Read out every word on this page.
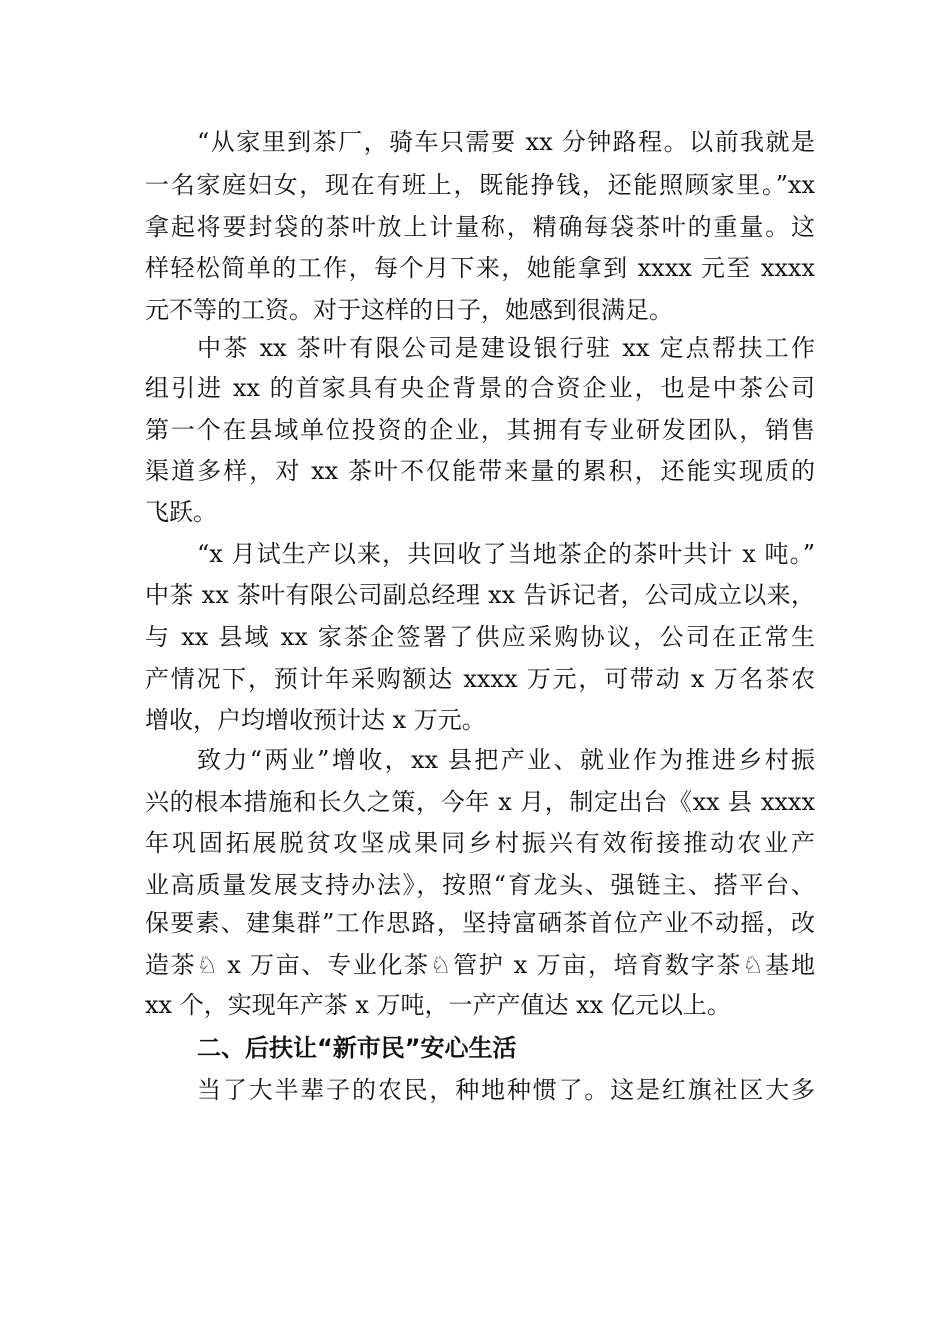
“从家里到茶厂，骑车只需要 xx 分钟路程。以前我就是
一名家庭妇女，现在有班上，既能挣钱，还能照顾家里。”xx
拿起将要封袋的茶叶放上计量称，精确每袋茶叶的重量。这
样轻松简单的工作，每个月下来，她能拿到 xxxx 元至 xxxx
元不等的工资。对于这样的日子，她感到很满足。
中茶 xx 茶叶有限公司是建设银行驻 xx 定点帮扶工作
组引进 xx 的首家具有央企背景的合资企业，也是中茶公司
第一个在县域单位投资的企业，其拥有专业研发团队，销售
渠道多样，对 xx 茶叶不仅能带来量的累积，还能实现质的
飞跃。
“x 月试生产以来，共回收了当地茶企的茶叶共计 x 吨。”
中茶 xx 茶叶有限公司副总经理 xx 告诉记者，公司成立以来，
与 xx 县域 xx 家茶企签署了供应采购协议，公司在正常生
产情况下，预计年采购额达 xxxx 万元，可带动 x 万名茶农
增收，户均增收预计达 x 万元。
致力“两业”增收，xx 县把产业、就业作为推进乡村振
兴的根本措施和长久之策，今年 x 月，制定出台《xx 县 xxxx
年巩固拓展脱贫攻坚成果同乡村振兴有效衔接推动农业产
业高质量发展支持办法》，按照“育龙头、强链主、搭平台、
保要素、建集群”工作思路，坚持富硒茶首位产业不动摇，改
造茶♘ x 万亩、专业化茶♘管护 x 万亩，培育数字茶♘基地
xx 个，实现年产茶 x 万吨，一产产值达 xx 亿元以上。
二、后扶让“新市民”安心生活
当了大半辈子的农民，种地种惯了。这是红旗社区大多
